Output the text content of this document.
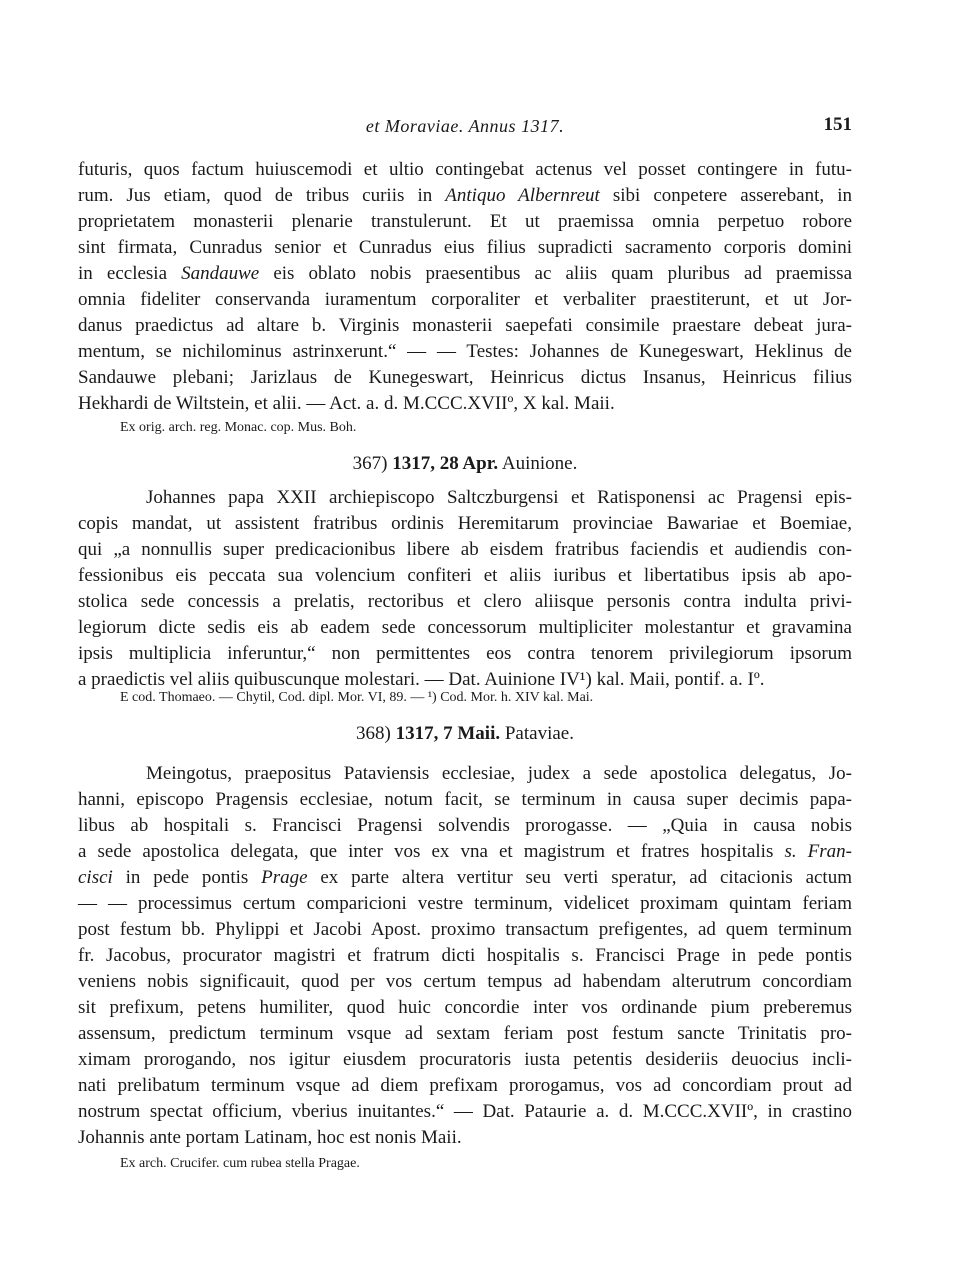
et Moraviae. Annus 1317.	151
futuris, quos factum huiuscemodi et ultio contingebat actenus vel posset contingere in futu-
rum. Jus etiam, quod de tribus curiis in Antiquo Albernreut sibi conpetere asserebant, in
proprietatem monasterii plenarie transtulerunt. Et ut praemissa omnia perpetuo robore
sint firmata, Cunradus senior et Cunradus eius filius supradicti sacramento corporis domini
in ecclesia Sandauwe eis oblato nobis praesentibus ac aliis quam pluribus ad praemissa
omnia fideliter conservanda iuramentum corporaliter et verbaliter praestiterunt, et ut Jor-
danus praedictus ad altare b. Virginis monasterii saepefati consimile praestare debeat jura-
mentum, se nichilominus astrinxerunt.“ — — Testes: Johannes de Kunegeswart, Heklinus de
Sandauwe plebani; Jarizlaus de Kunegeswart, Heinricus dictus Insanus, Heinricus filius
Hekhardi de Wiltstein, et alii. — Act. a. d. M.CCC.XVIIº, X kal. Maii.
Ex orig. arch. reg. Monac. cop. Mus. Boh.
367) 1317, 28 Apr. Auinione.
Johannes papa XXII archiepiscopo Saltczburgensi et Ratisponensi ac Pragensi epis-
copis mandat, ut assistent fratribus ordinis Heremitarum provinciae Bawariae et Boemiae,
qui „a nonnullis super predicacionibus libere ab eisdem fratribus faciendis et audiendis con-
fessionibus eis peccata sua volencium confiteri et aliis iuribus et libertatibus ipsis ab apo-
stolica sede concessis a prelatis, rectoribus et clero aliisque personis contra indulta privi-
legiorum dicte sedis eis ab eadem sede concessorum multipliciter molestantur et gravamina
ipsis multiplicia inferuntur,“ non permittentes eos contra tenorem privilegiorum ipsorum
a praedictis vel aliis quibuscunque molestari. — Dat. Auinione IV¹) kal. Maii, pontif. a. Iº.
E cod. Thomaeo. — Chytil, Cod. dipl. Mor. VI, 89. — ¹) Cod. Mor. h. XIV kal. Mai.
368) 1317, 7 Maii. Pataviae.
Meingotus, praepositus Pataviensis ecclesiae, judex a sede apostolica delegatus, Jo-
hanni, episcopo Pragensis ecclesiae, notum facit, se terminum in causa super decimis papa-
libus ab hospitali s. Francisci Pragensi solvendis prorogasse. — „Quia in causa nobis
a sede apostolica delegata, que inter vos ex vna et magistrum et fratres hospitalis s. Fran-
cisci in pede pontis Prage ex parte altera vertitur seu verti speratur, ad citacionis actum
— — processimus certum comparicioni vestre terminum, videlicet proximam quintam feriam
post festum bb. Phylippi et Jacobi Apost. proximo transactum prefigentes, ad quem terminum
fr. Jacobus, procurator magistri et fratrum dicti hospitalis s. Francisci Prage in pede pontis
veniens nobis significauit, quod per vos certum tempus ad habendam alterutrum concordiam
sit prefixum, petens humiliter, quod huic concordie inter vos ordinande pium preberemus
assensum, predictum terminum vsque ad sextam feriam post festum sancte Trinitatis pro-
ximam prorogando, nos igitur eiusdem procuratoris iusta petentis desideriis deuocius incli-
nati prelibatum terminum vsque ad diem prefixam prorogamus, vos ad concordiam prout ad
nostrum spectat officium, vberius inuitantes.“ — Dat. Pataurie a. d. M.CCC.XVIIº, in crastino
Johannis ante portam Latinam, hoc est nonis Maii.
Ex arch. Crucifer. cum rubea stella Pragae.
